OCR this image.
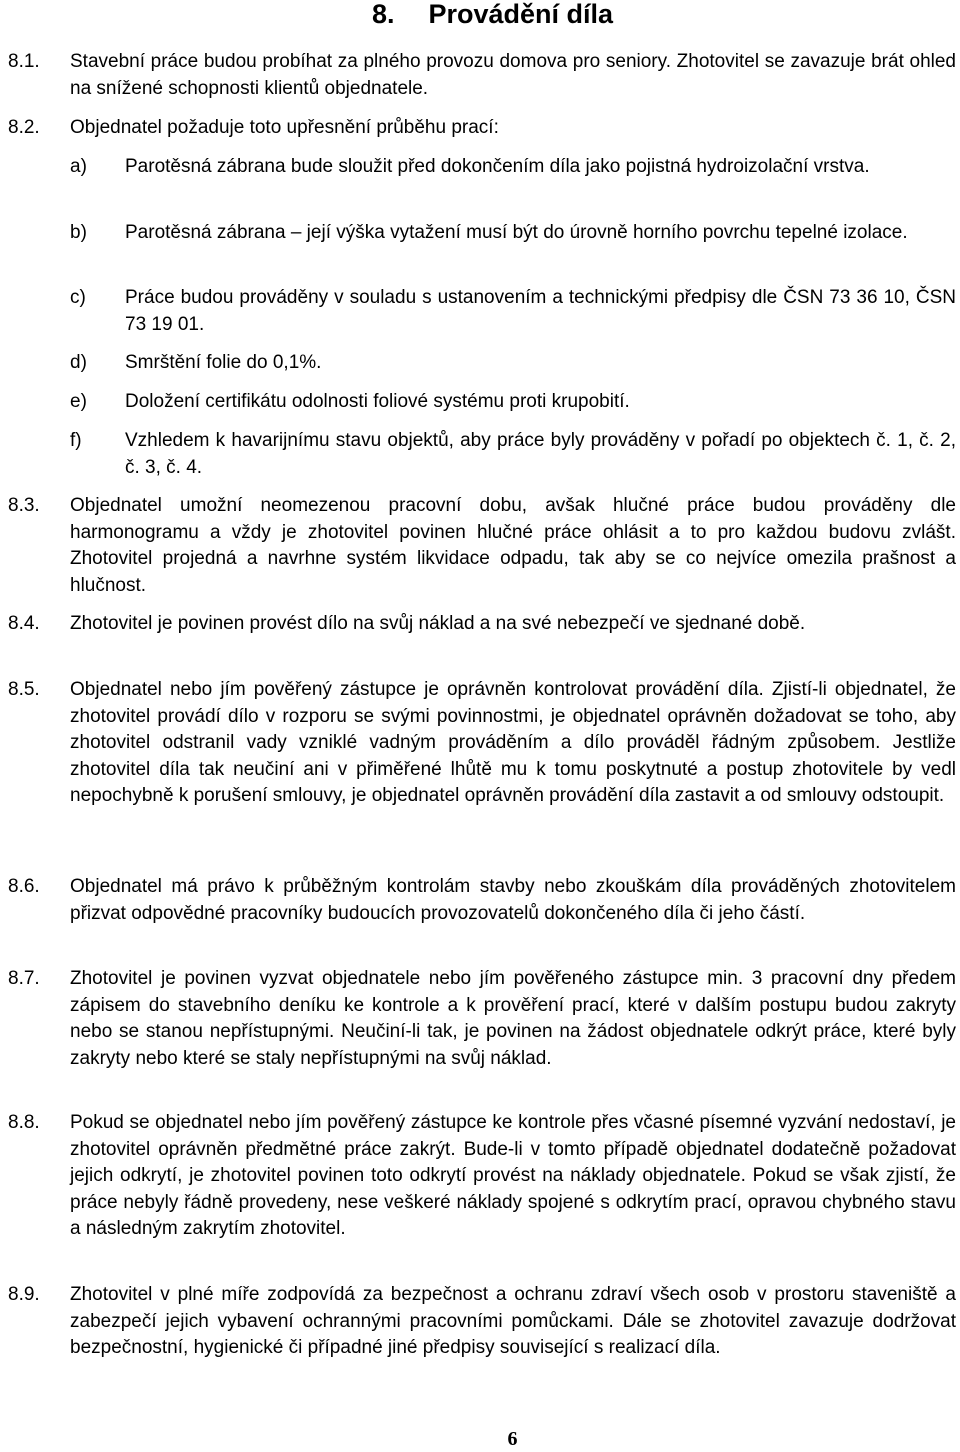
8. Provádění díla
8.1.	Stavební práce budou probíhat za plného provozu domova pro seniory. Zhotovitel se zavazuje brát ohled na snížené schopnosti klientů objednatele.
8.2.	Objednatel požaduje toto upřesnění průběhu prací:
a)	Parotěsná zábrana bude sloužit před dokončením díla jako pojistná hydroizolační vrstva.
b)	Parotěsná zábrana – její výška vytažení musí být do úrovně horního povrchu tepelné izolace.
c)	Práce budou prováděny v souladu s ustanovením a technickými předpisy dle ČSN 73 36 10, ČSN 73 19 01.
d)	Smrštění folie do 0,1%.
e)	Doložení certifikátu odolnosti foliové systému proti krupobití.
f)	Vzhledem k havarijnímu stavu objektů, aby práce byly prováděny v pořadí po objektech č. 1, č. 2, č. 3, č. 4.
8.3.	Objednatel umožní neomezenou pracovní dobu, avšak hlučné práce budou prováděny dle harmonogramu a vždy je zhotovitel povinen hlučné práce ohlásit a to pro každou budovu zvlášt. Zhotovitel projedná a navrhne systém likvidace odpadu, tak aby se co nejvíce omezila prašnost a hlučnost.
8.4.	Zhotovitel je povinen provést dílo na svůj náklad a na své nebezpečí ve sjednané době.
8.5.	Objednatel nebo jím pověřený zástupce je oprávněn kontrolovat provádění díla. Zjistí-li objednatel, že zhotovitel provádí dílo v rozporu se svými povinnostmi, je objednatel oprávněn dožadovat se toho, aby zhotovitel odstranil vady vzniklé vadným prováděním a dílo prováděl řádným způsobem. Jestliže zhotovitel díla tak neučiní ani v přiměřené lhůtě mu k tomu poskytnuté a postup zhotovitele by vedl nepochybně k porušení smlouvy, je objednatel oprávněn provádění díla zastavit a od smlouvy odstoupit.
8.6.	Objednatel má právo k průběžným kontrolám stavby nebo zkouškám díla prováděných zhotovitelem přizvat odpovědné pracovníky budoucích provozovatelů dokončeného díla či jeho částí.
8.7.	Zhotovitel je povinen vyzvat objednatele nebo jím pověřeného zástupce min. 3 pracovní dny předem zápisem do stavebního deníku ke kontrole a k prověření prací, které v dalším postupu budou zakryty nebo se stanou nepřístupnými. Neučiní-li tak, je povinen na žádost objednatele odkrýt práce, které byly zakryty nebo které se staly nepřístupnými na svůj náklad.
8.8.	Pokud se objednatel nebo jím pověřený zástupce ke kontrole přes včasné písemné vyzvání nedostaví, je zhotovitel oprávněn předmětné práce zakrýt. Bude-li v tomto případě objednatel dodatečně požadovat jejich odkrytí, je zhotovitel povinen toto odkrytí provést na náklady objednatele. Pokud se však zjistí, že práce nebyly řádně provedeny, nese veškeré náklady spojené s odkrytím prací, opravou chybného stavu a následným zakrytím zhotovitel.
8.9.	Zhotovitel v plné míře zodpovídá za bezpečnost a ochranu zdraví všech osob v prostoru staveniště a zabezpečí jejich vybavení ochrannými pracovními pomůckami. Dále se zhotovitel zavazuje dodržovat bezpečnostní, hygienické či případné jiné předpisy související s realizací díla.
6
